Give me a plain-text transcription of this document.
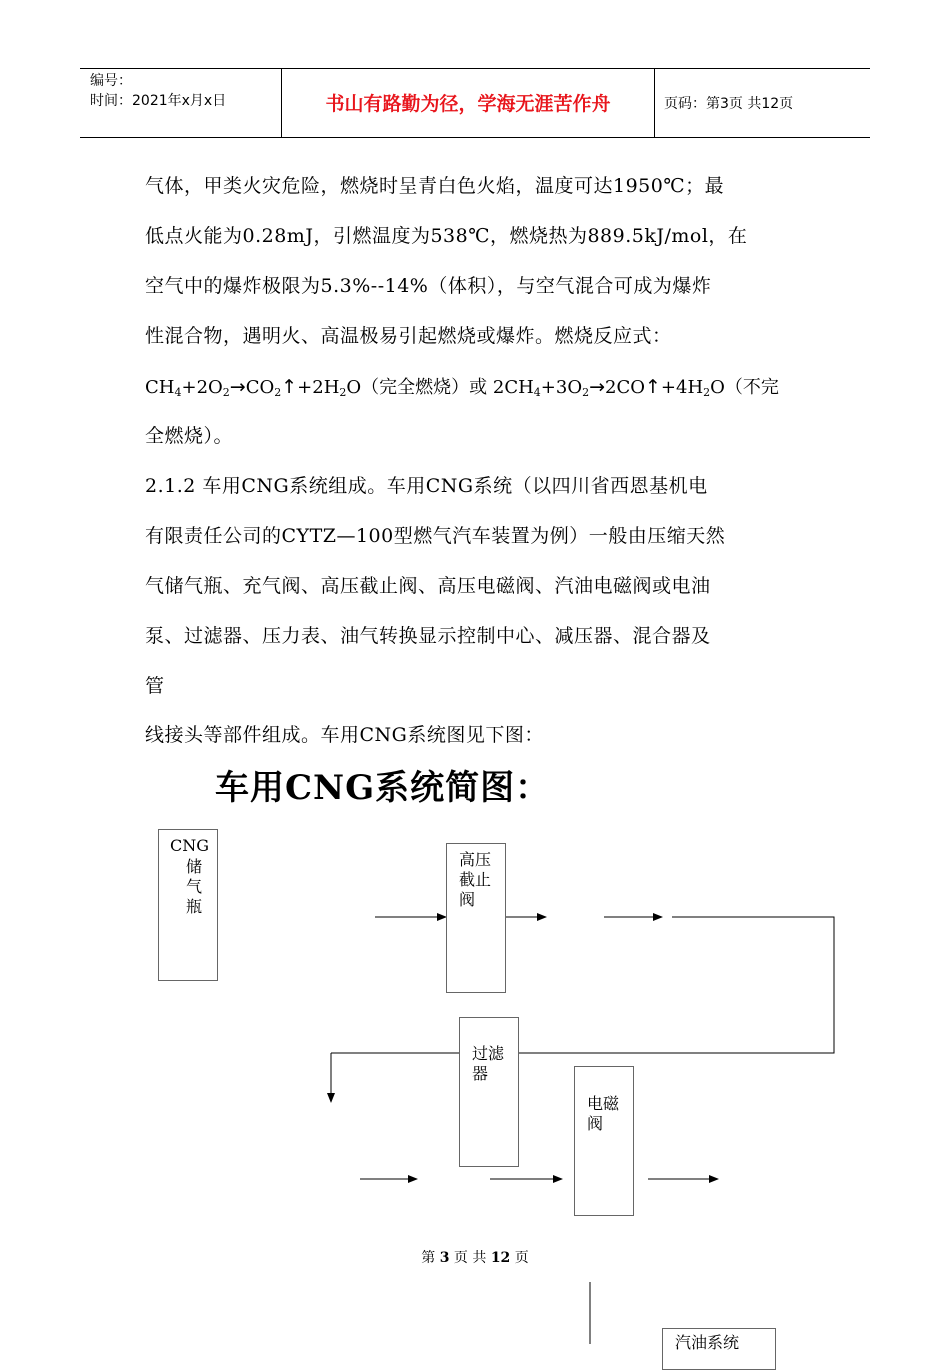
编号：
时间：2021年x月x日	书山有路勤为径，学海无涯苦作舟	页码：第3页 共12页
气体，甲类火灾危险，燃烧时呈青白色火焰，温度可达1950℃；最
低点火能为0.28mJ，引燃温度为538℃，燃烧热为889.5kJ/mol，在
空气中的爆炸极限为5.3%--14%（体积），与空气混合可成为爆炸
性混合物，遇明火、高温极易引起燃烧或爆炸。燃烧反应式：
$CH_4+2O_2\to CO_2↑+2H_2O$（完全燃烧）或 $2CH_4+3O_2\to 2CO↑+4H_2O$（不完
全燃烧）。
2.1.2 车用CNG系统组成。车用CNG系统（以四川省西恩基机电
有限责任公司的CYTZ—100型燃气汽车装置为例）一般由压缩天然
气储气瓶、充气阀、高压截止阀、高压电磁阀、汽油电磁阀或电油
泵、过滤器、压力表、油气转换显示控制中心、减压器、混合器及
管
线接头等部件组成。车用CNG系统图见下图：
车用CNG系统简图：
CNG
储
气
瓶
高压
截止
阀
过滤
器
电磁
阀
汽油系统
第 3 页 共 12 页
